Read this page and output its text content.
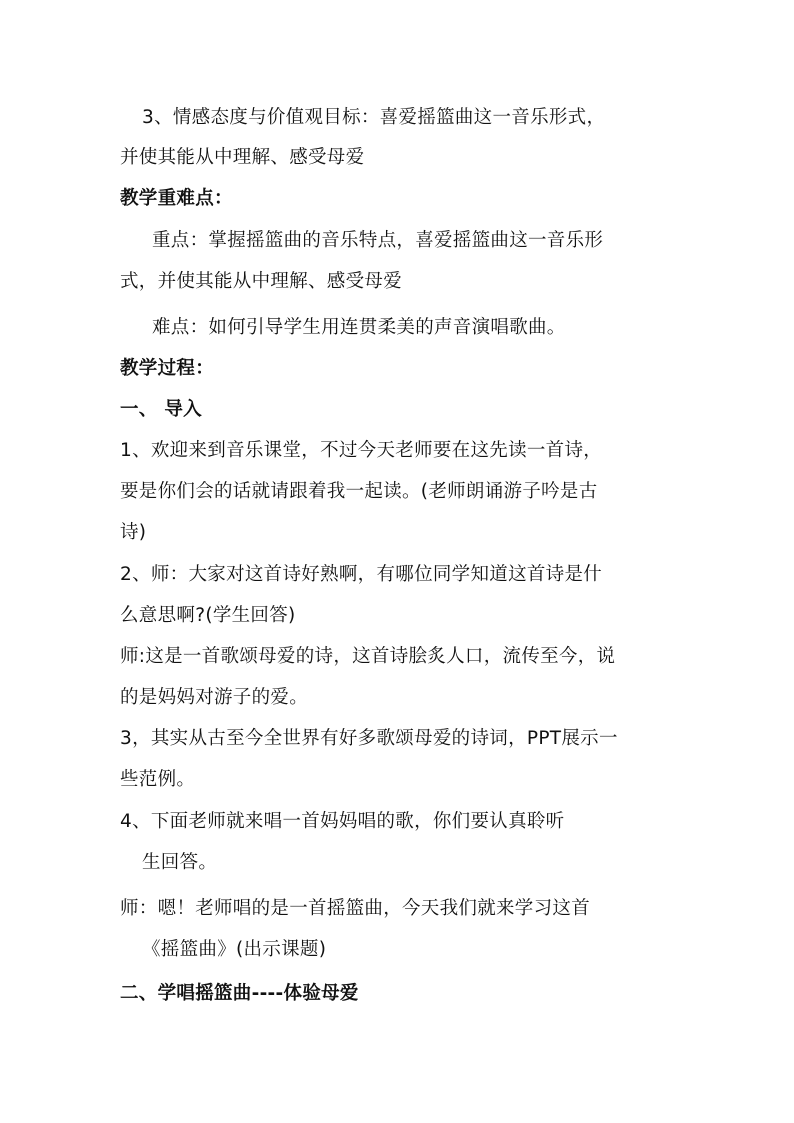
3、情感态度与价值观目标：喜爱摇篮曲这一音乐形式，
并使其能从中理解、感受母爱
教学重难点：
重点：掌握摇篮曲的音乐特点，喜爱摇篮曲这一音乐形
式，并使其能从中理解、感受母爱
难点：如何引导学生用连贯柔美的声音演唱歌曲。
教学过程：
一、 导入
1、欢迎来到音乐课堂，不过今天老师要在这先读一首诗，
要是你们会的话就请跟着我一起读。(老师朗诵游子吟是古
诗)
2、师：大家对这首诗好熟啊，有哪位同学知道这首诗是什
么意思啊?(学生回答)
师:这是一首歌颂母爱的诗，这首诗脍炙人口，流传至今，说
的是妈妈对游子的爱。
3，其实从古至今全世界有好多歌颂母爱的诗词，PPT展示一
些范例。
4、下面老师就来唱一首妈妈唱的歌，你们要认真聆听
生回答。
师：嗯！老师唱的是一首摇篮曲，今天我们就来学习这首
《摇篮曲》(出示课题)
二、学唱摇篮曲----体验母爱
